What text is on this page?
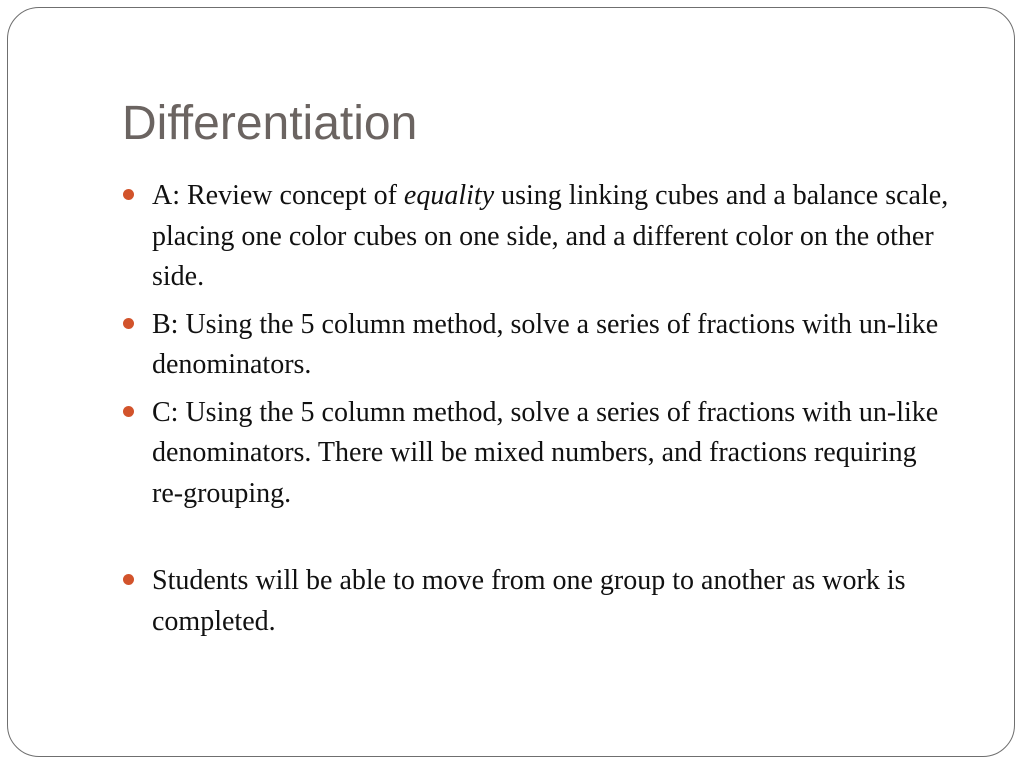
Differentiation
A: Review concept of equality using linking cubes and a balance scale, placing one color cubes on one side, and a different color on the other side.
B: Using the 5 column method, solve a series of fractions with un-like denominators.
C: Using the 5 column method, solve a series of fractions with un-like denominators. There will be mixed numbers, and fractions requiring re-grouping.
Students will be able to move from one group to another as work is completed.
